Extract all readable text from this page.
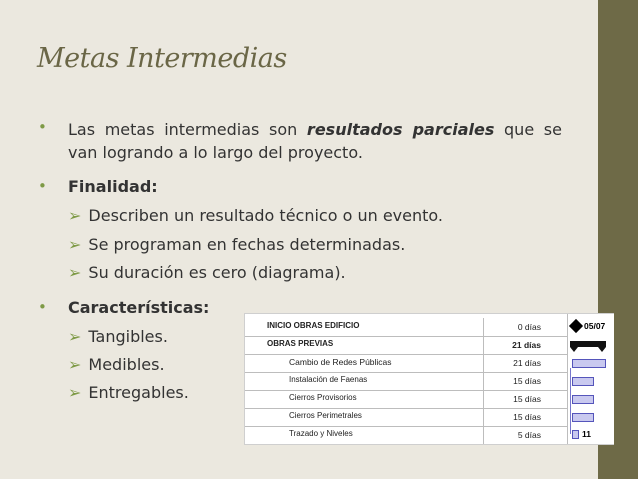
Metas Intermedias
• Las metas intermedias son resultados parciales que se van logrando a lo largo del proyecto.
• Finalidad:
➢ Describen un resultado técnico o un evento.
➢ Se programan en fechas determinadas.
➢ Su duración es cero (diagrama).
• Características:
➢ Tangibles.
➢ Medibles.
➢ Entregables.
INICIO OBRAS EDIFICIO	0 días
OBRAS PREVIAS	21 días
Cambio de Redes Públicas	21 días
Instalación de Faenas	15 días
Cierros Provisorios	15 días
Cierros Perimetrales	15 días
Trazado y Niveles	5 días
05/07
11
